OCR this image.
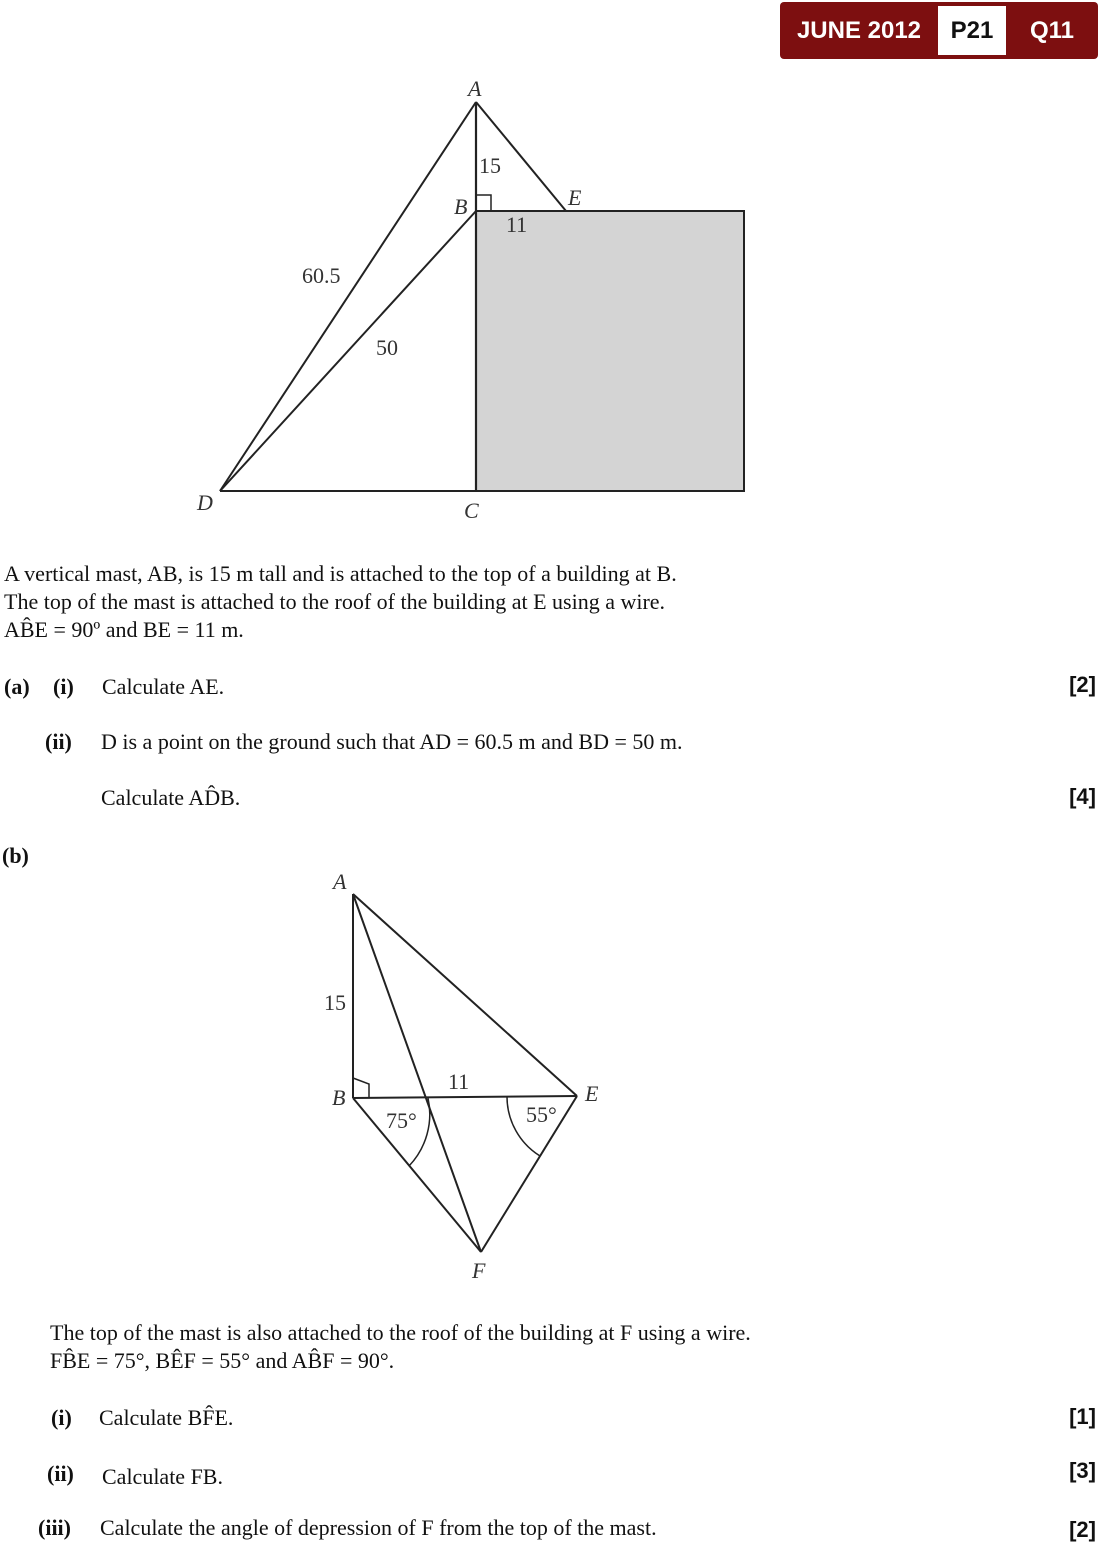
JUNE 2012	P21	Q11
A
B
C
D
E
15
11
60.5
50
A vertical mast, AB, is 15 m tall and is attached to the top of a building at B.
The top of the mast is attached to the roof of the building at E using a wire.
AB̂E = 90º and BE = 11 m.
(a) (i) Calculate AE.	[2]
(ii) D is a point on the ground such that AD = 60.5 m and BD = 50 m.
Calculate AD̂B.	[4]
(b)
A
B	E
F
15
11
75°	55°
The top of the mast is also attached to the roof of the building at F using a wire.
FB̂E = 75°, BÊF = 55° and AB̂F = 90°.
(i) Calculate BF̂E.	[1]
(ii) Calculate FB.	[3]
(iii) Calculate the angle of depression of F from the top of the mast.	[2]
